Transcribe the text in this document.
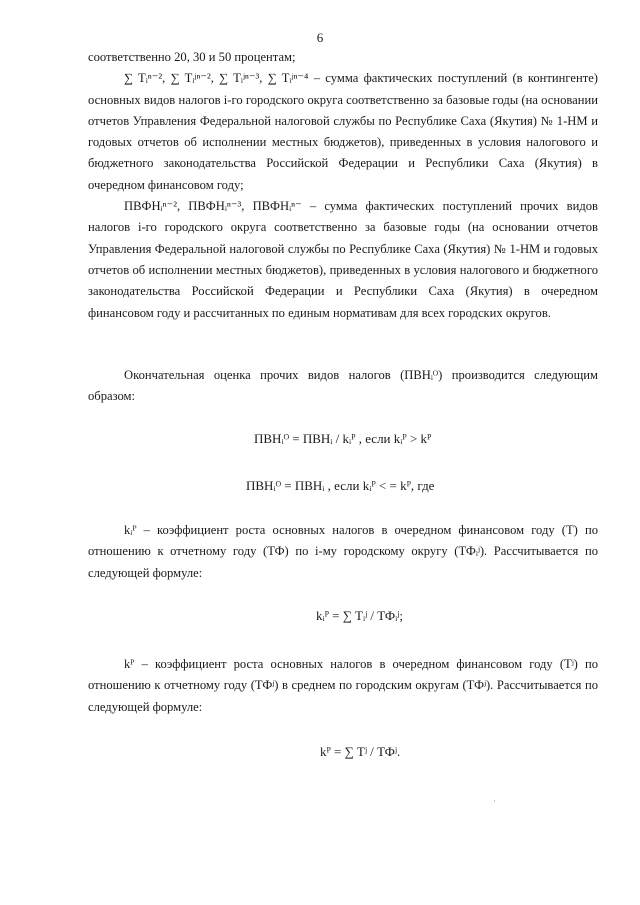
6

соответственно 20, 30 и 50 процентам;

∑ Tᵢⁿ⁻², ∑ Tᵢʲⁿ⁻², ∑ Tᵢʲⁿ⁻³, ∑ Tᵢʲⁿ⁻⁴ – сумма фактических поступлений (в контингенте) основных видов налогов i-го городского округа соответственно за базовые годы (на основании отчетов Управления Федеральной налоговой службы по Республике Саха (Якутия) № 1-НМ и годовых отчетов об исполнении местных бюджетов), приведенных в условия налогового и бюджетного законодательства Российской Федерации и Республики Саха (Якутия) в очередном финансовом году;

ПВФНᵢⁿ⁻², ПВФНᵢⁿ⁻³, ПВФНᵢⁿ⁻ – сумма фактических поступлений прочих видов налогов i-го городского округа соответственно за базовые годы (на основании отчетов Управления Федеральной налоговой службы по Республике Саха (Якутия) № 1-НМ и годовых отчетов об исполнении местных бюджетов), приведенных в условия налогового и бюджетного законодательства Российской Федерации и Республики Саха (Якутия) в очередном финансовом году и рассчитанных по единым нормативам для всех городских округов.

Окончательная оценка прочих видов налогов (ПВНᵢᴼ) производится следующим образом:

ПВНᵢᴼ = ПВНᵢ / kᵢᴾ , если kᵢᴾ > kᴾ
ПВНᵢᴼ = ПВНᵢ , если kᵢᴾ < = kᴾ, где

kᵢᴾ – коэффициент роста основных налогов в очередном финансовом году (Т) по отношению к отчетному году (ТФ) по i-му городскому округу (ТФᵢʲ). Рассчитывается по следующей формуле:

kᵢᴾ = ∑ Tᵢʲ / ТФᵢʲ;

kᴾ – коэффициент роста основных налогов в очередном финансовом году (Тʲ) по отношению к отчетному году (ТФʲ) в среднем по городским округам (ТФʲ). Рассчитывается по следующей формуле:

kᴾ = ∑ Tʲ / ТФʲ.
·
